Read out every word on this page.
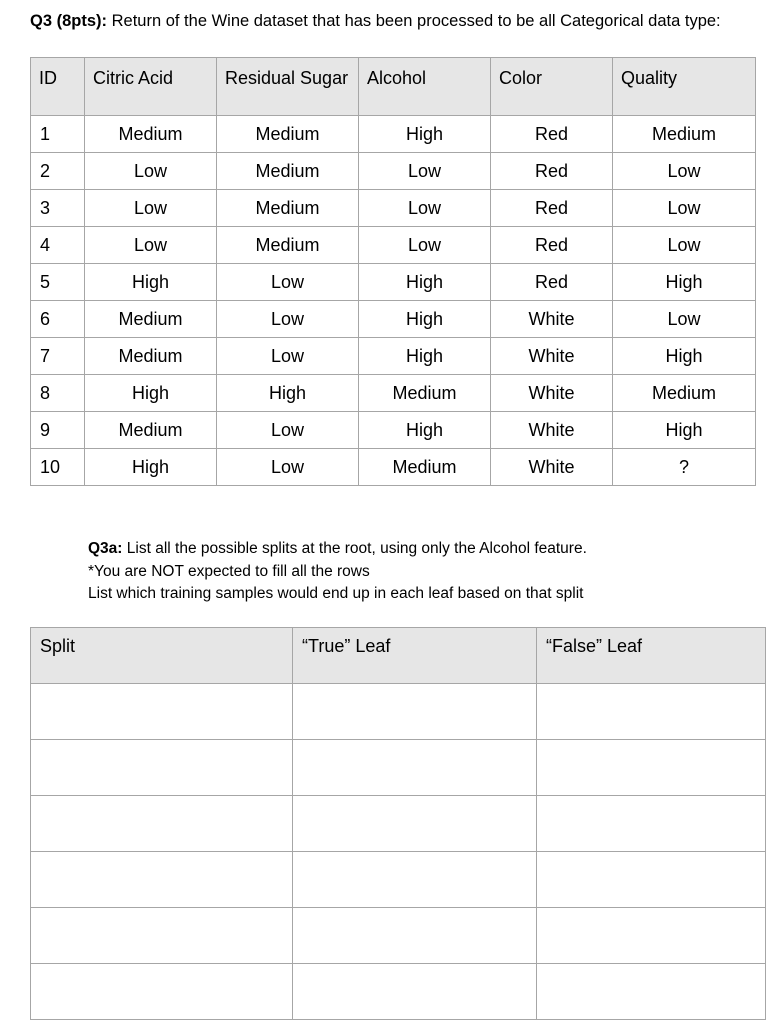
Q3 (8pts): Return of the Wine dataset that has been processed to be all Categorical data type:
ID	Citric Acid	Residual Sugar	Alcohol	Color	Quality
1	Medium	Medium	High	Red	Medium
2	Low	Medium	Low	Red	Low
3	Low	Medium	Low	Red	Low
4	Low	Medium	Low	Red	Low
5	High	Low	High	Red	High
6	Medium	Low	High	White	Low
7	Medium	Low	High	White	High
8	High	High	Medium	White	Medium
9	Medium	Low	High	White	High
10	High	Low	Medium	White	?
Q3a: List all the possible splits at the root, using only the Alcohol feature.
*You are NOT expected to fill all the rows
List which training samples would end up in each leaf based on that split
Split	“True” Leaf	“False” Leaf
